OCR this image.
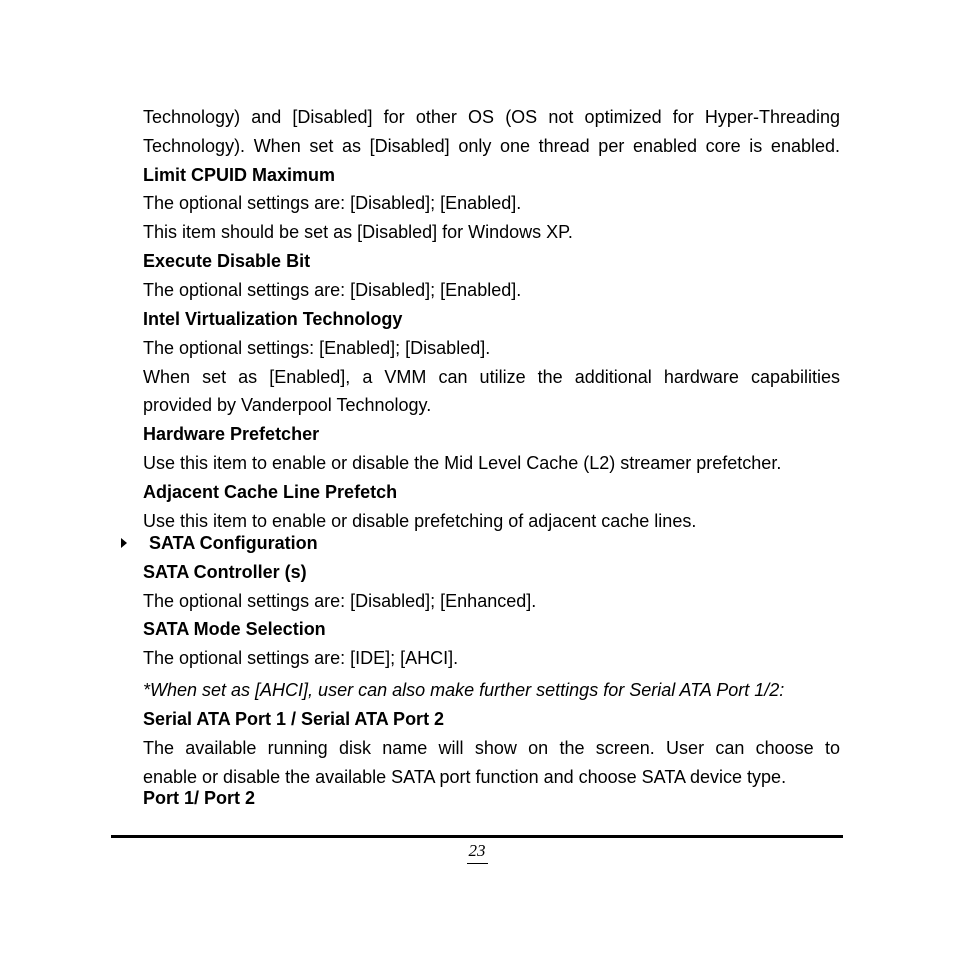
Technology) and [Disabled] for other OS (OS not optimized for Hyper-Threading

Technology). When set as [Disabled] only one thread per enabled core is enabled.

Limit CPUID Maximum

The optional settings are: [Disabled]; [Enabled].

This item should be set as [Disabled] for Windows XP.

Execute Disable Bit

The optional settings are: [Disabled]; [Enabled].

Intel Virtualization Technology

The optional settings: [Enabled]; [Disabled].

When set as [Enabled], a VMM can utilize the additional hardware capabilities

provided by Vanderpool Technology.

Hardware Prefetcher

Use this item to enable or disable the Mid Level Cache (L2) streamer prefetcher.

Adjacent Cache Line Prefetch

Use this item to enable or disable prefetching of adjacent cache lines.

SATA Configuration

SATA Controller (s)

The optional settings are: [Disabled]; [Enhanced].

SATA Mode Selection

The optional settings are: [IDE]; [AHCI].

*When set as [AHCI], user can also make further settings for Serial ATA Port 1/2:

Serial ATA Port 1 / Serial ATA Port 2

The available running disk name will show on the screen. User can choose to

enable or disable the available SATA port function and choose SATA device type.

Port 1/ Port 2

23
